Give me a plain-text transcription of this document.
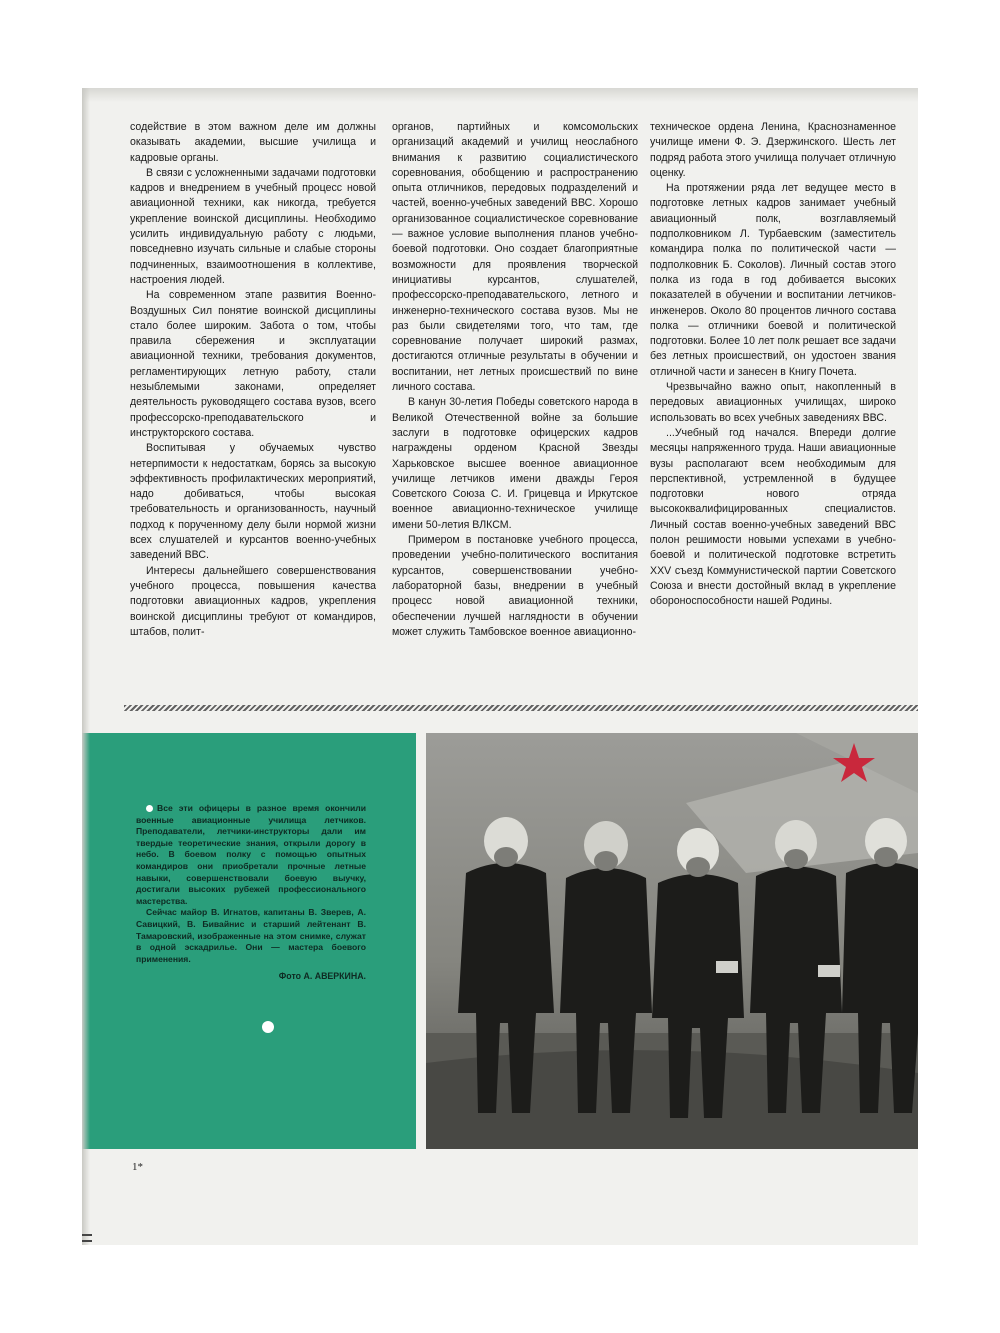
содействие в этом важном деле им должны оказывать академии, высшие училища и кадровые органы.

В связи с усложненными задачами подготовки кадров и внедрением в учебный процесс новой авиационной техники, как никогда, требуется укрепление воинской дисциплины. Необходимо усилить индивидуальную работу с людьми, повседневно изучать сильные и слабые стороны подчиненных, взаимоотношения в коллективе, настроения людей.

На современном этапе развития Военно-Воздушных Сил понятие воинской дисциплины стало более широким. Забота о том, чтобы правила сбережения и эксплуатации авиационной техники, требования документов, регламентирующих летную работу, стали незыблемыми законами, определяет деятельность руководящего состава вузов, всего профессорско-преподавательского и инструкторского состава.

Воспитывая у обучаемых чувство нетерпимости к недостаткам, борясь за высокую эффективность профилактических мероприятий, надо добиваться, чтобы высокая требовательность и организованность, научный подход к порученному делу были нормой жизни всех слушателей и курсантов военно-учебных заведений ВВС.

Интересы дальнейшего совершенствования учебного процесса, повышения качества подготовки авиационных кадров, укрепления воинской дисциплины требуют от командиров, штабов, полит-

органов, партийных и комсомольских организаций академий и училищ неослабного внимания к развитию социалистического соревнования, обобщению и распространению опыта отличников, передовых подразделений и частей, военно-учебных заведений ВВС. Хорошо организованное социалистическое соревнование — важное условие выполнения планов учебно-боевой подготовки. Оно создает благоприятные возможности для проявления творческой инициативы курсантов, слушателей, профессорско-преподавательского, летного и инженерно-технического состава вузов. Мы не раз были свидетелями того, что там, где соревнование получает широкий размах, достигаются отличные результаты в обучении и воспитании, нет летных происшествий по вине личного состава.

В канун 30-летия Победы советского народа в Великой Отечественной войне за большие заслуги в подготовке офицерских кадров награждены орденом Красной Звезды Харьковское высшее военное авиационное училище летчиков имени дважды Героя Советского Союза С. И. Грицевца и Иркутское военное авиационно-техническое училище имени 50-летия ВЛКСМ.

Примером в постановке учебного процесса, проведении учебно-политического воспитания курсантов, совершенствовании учебно-лабораторной базы, внедрении в учебный процесс новой авиационной техники, обеспечении лучшей наглядности в обучении может служить Тамбовское военное авиационно-

техническое ордена Ленина, Краснознаменное училище имени Ф. Э. Дзержинского. Шесть лет подряд работа этого училища получает отличную оценку.

На протяжении ряда лет ведущее место в подготовке летных кадров занимает учебный авиационный полк, возглавляемый подполковником Л. Турбаевским (заместитель командира полка по политической части — подполковник Б. Соколов). Личный состав этого полка из года в год добивается высоких показателей в обучении и воспитании летчиков-инженеров. Около 80 процентов личного состава полка — отличники боевой и политической подготовки. Более 10 лет полк решает все задачи без летных происшествий, он удостоен звания отличной части и занесен в Книгу Почета.

Чрезвычайно важно опыт, накопленный в передовых авиационных училищах, широко использовать во всех учебных заведениях ВВС.

...Учебный год начался. Впереди долгие месяцы напряженного труда. Наши авиационные вузы располагают всем необходимым для перспективной, устремленной в будущее подготовки нового отряда высококвалифицированных специалистов. Личный состав военно-учебных заведений ВВС полон решимости новыми успехами в учебно-боевой и политической подготовке встретить XXV съезд Коммунистической партии Советского Союза и внести достойный вклад в укрепление обороноспособности нашей Родины.

Все эти офицеры в разное время окончили военные авиационные училища летчиков. Преподаватели, летчики-инструкторы дали им твердые теоретические знания, открыли дорогу в небо. В боевом полку с помощью опытных командиров они приобретали прочные летные навыки, совершенствовали боевую выучку, достигали высоких рубежей профессионального мастерства.
Сейчас майор В. Игнатов, капитаны В. Зверев, А. Савицкий, В. Бивайнис и старший лейтенант В. Тамаровский, изображенные на этом снимке, служат в одной эскадрилье. Они — мастера боевого применения.
Фото А. АВЕРКИНА.
1*
